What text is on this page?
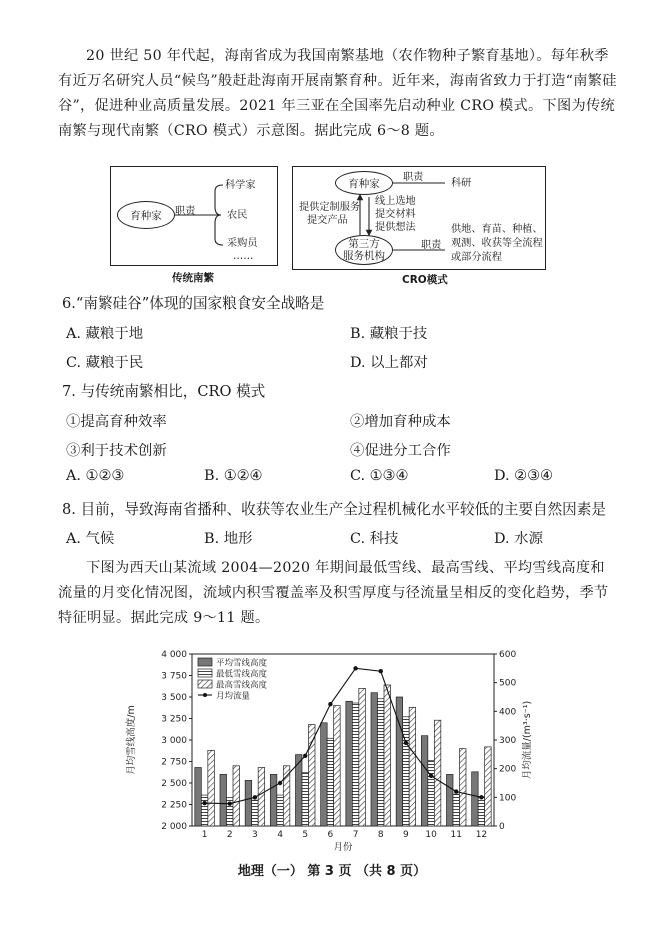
20 世纪 50 年代起，海南省成为我国南繁基地（农作物种子繁育基地）。每年秋季有近万名研究人员“候鸟”般赶赴海南开展南繁育种。近年来，海南省致力于打造“南繁硅谷”，促进种业高质量发展。2021 年三亚在全国率先启动种业 CRO 模式。下图为传统南繁与现代南繁（CRO 模式）示意图。据此完成 6～8 题。

育种家 职责
科学家
农民
采购员
……
传统南繁
育种家 职责
科研
第三方
服务机构
提供定制服务
提交产品
线上选地
提交材料
提供想法
职责
供地、育苗、种植、
观测、收获等全流程
或部分流程
CRO模式

6.“南繁硅谷”体现的国家粮食安全战略是

A. 藏粮于地	B. 藏粮于技

C. 藏粮于民	D. 以上都对

7. 与传统南繁相比，CRO 模式

①提高育种效率	②增加育种成本

③利于技术创新	④促进分工合作

A. ①②③	B. ①②④	C. ①③④	D. ②③④

8. 目前，导致海南省播种、收获等农业生产全过程机械化水平较低的主要自然因素是

A. 气候	B. 地形	C. 科技	D. 水源

下图为西天山某流域 2004—2020 年期间最低雪线、最高雪线、平均雪线高度和流量的月变化情况图，流域内积雪覆盖率及积雪厚度与径流量呈相反的变化趋势，季节特征明显。据此完成 9～11 题。

2 000
2 250
2 500
2 750
3 000
3 250
3 500
3 750
4 000
0
100
200
300
400
500
600
1 2 3 4 5 6 7 8 9 10 11 12
月份
月均雪线高度/m	月均流量/(m³·s⁻¹)
平均雪线高度
最低雪线高度
最高雪线高度
月均流量
地理（一） 第 3 页 （共 8 页）
